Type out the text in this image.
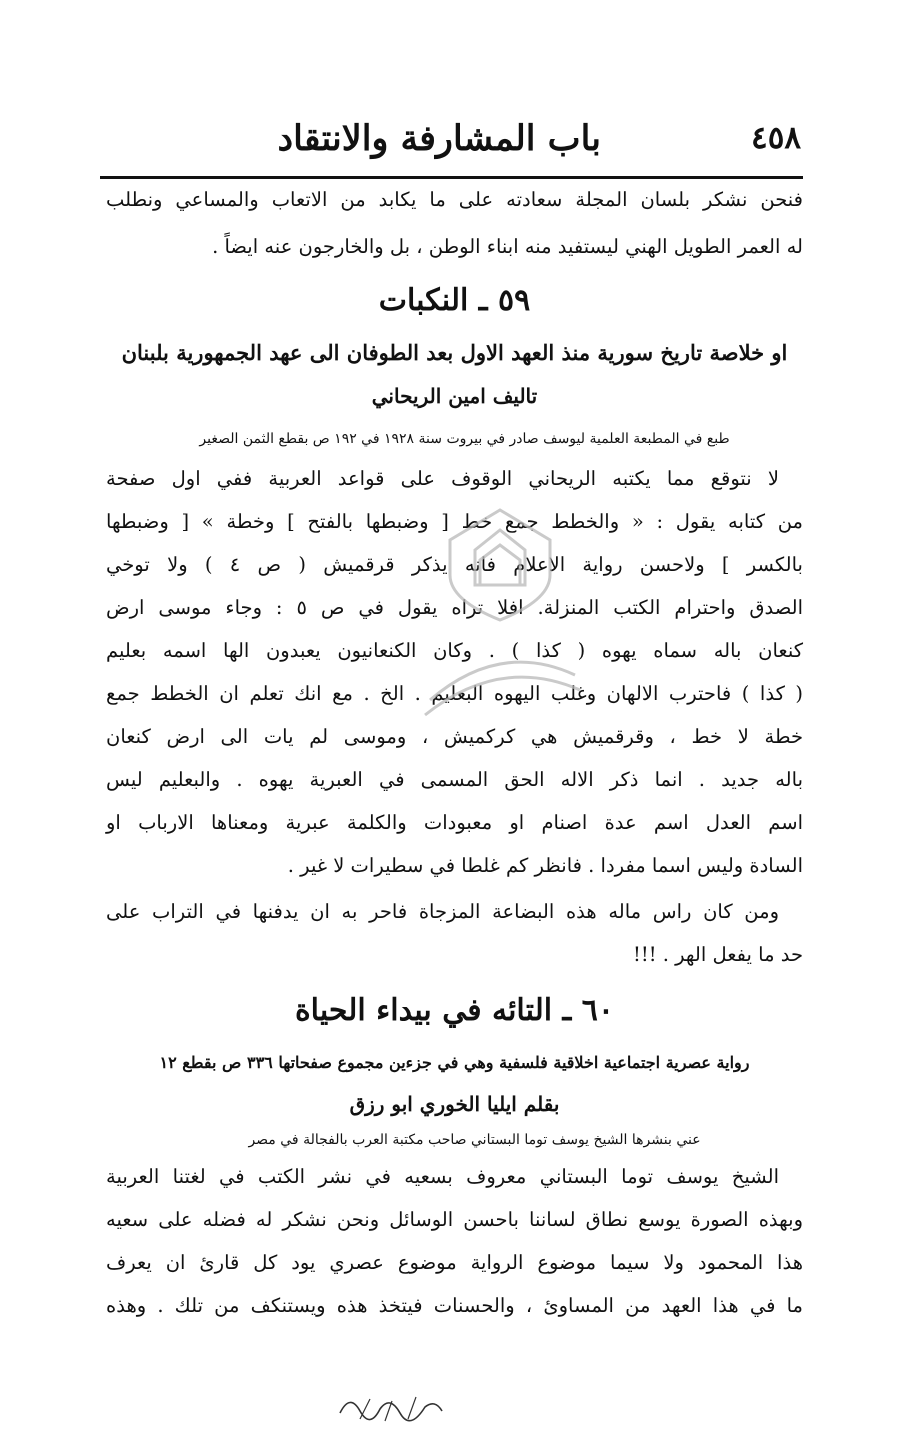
٤٥٨
باب المشارفة والانتقاد
فنحن نشكر بلسان المجلة سعادته على ما يكابد من الاتعاب والمساعي ونطلب
له العمر الطويل الهني ليستفيد منه ابناء الوطن ، بل والخارجون عنه ايضاً .
٥٩ ـ النكبات
او خلاصة تاريخ سورية منذ العهد الاول بعد الطوفان الى عهد الجمهورية بلبنان
تاليف امين الريحاني
طبع في المطبعة العلمية ليوسف صادر في بيروت سنة ١٩٢٨ في ١٩٢ ص بقطع الثمن الصغير
لا نتوقع مما يكتبه الريحاني الوقوف على قواعد العربية ففي اول صفحة
من كتابه يقول : « والخطط جمع خط [ وضبطها بالفتح ] وخطة » [ وضبطها
بالكسر ] ولاحسن رواية الاعلام فانه يذكر قرقميش ( ص ٤ ) ولا توخي
الصدق واحترام الكتب المنزلة. افلا تراه يقول في ص ٥ : وجاء موسى ارض
كنعان باله سماه يهوه ( كذا ) . وكان الكنعانيون يعبدون الها اسمه بعليم
( كذا ) فاحترب الالهان وغلب اليهوه البعليم . الخ . مع انك تعلم ان الخطط جمع
خطة لا خط ، وقرقميش هي كركميش ، وموسى لم يات الى ارض كنعان
باله جديد . انما ذكر الاله الحق المسمى في العبرية يهوه . والبعليم ليس
اسم العدل اسم عدة اصنام او معبودات والكلمة عبرية ومعناها الارباب او
السادة وليس اسما مفردا . فانظر كم غلطا في سطيرات لا غير .
ومن كان راس ماله هذه البضاعة المزجاة فاحر به ان يدفنها في التراب على
حد ما يفعل الهر . !!!
٦٠ ـ التائه في بيداء الحياة
رواية عصرية اجتماعية اخلاقية فلسفية وهي في جزءين مجموع صفحاتها ٣٣٦ ص بقطع ١٢
بقلم ايليا الخوري ابو رزق
عني بنشرها الشيخ يوسف توما البستاني صاحب مكتبة العرب بالفجالة في مصر
الشيخ يوسف توما البستاني معروف بسعيه في نشر الكتب في لغتنا العربية
وبهذه الصورة يوسع نطاق لساننا باحسن الوسائل ونحن نشكر له فضله على سعيه
هذا المحمود ولا سيما موضوع الرواية موضوع عصري يود كل قارئ ان يعرف
ما في هذا العهد من المساوئ ، والحسنات فيتخذ هذه ويستنكف من تلك . وهذه
